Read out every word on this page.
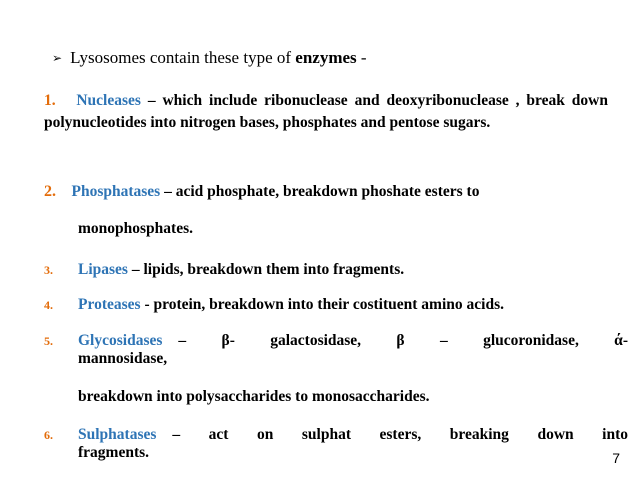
➢ Lysosomes contain these type of enzymes -
1. Nucleases – which include ribonuclease and deoxyribonuclease , break down polynucleotides into nitrogen bases, phosphates and pentose sugars.
2. Phosphatases – acid phosphate, breakdown phoshate esters to
monophosphates.
3. Lipases – lipids, breakdown them into fragments.
4. Proteases - protein, breakdown into their costituent amino acids.
5. Glycosidases – β- galactosidase, β – glucoronidase, ά-
mannosidase,
breakdown into polysaccharides to monosaccharides.
6. Sulphatases – act on sulphat esters, breaking down into
fragments.	7
